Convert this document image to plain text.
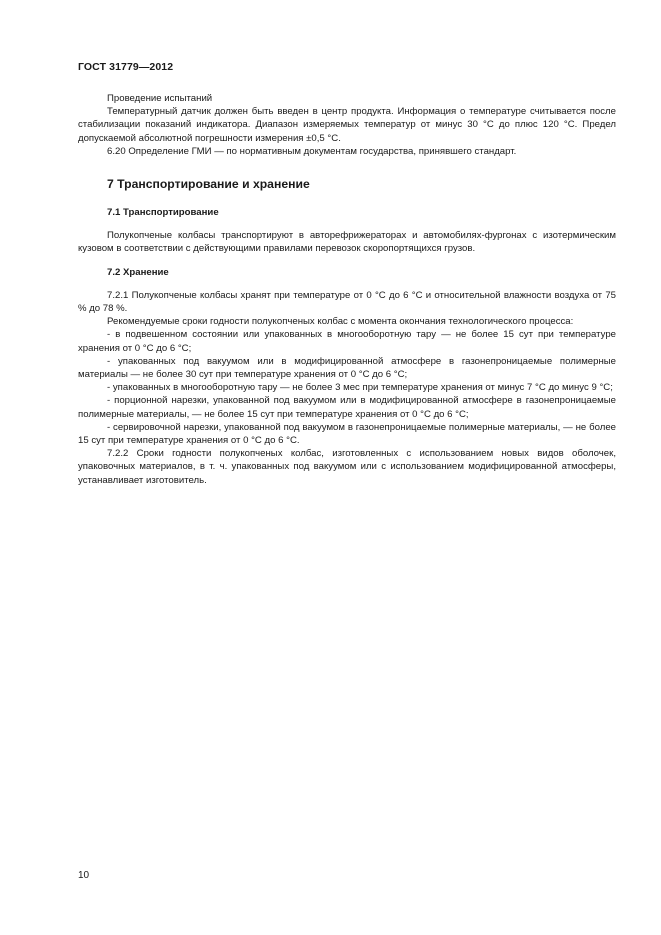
ГОСТ 31779—2012

Проведение испытаний

Температурный датчик должен быть введен в центр продукта. Информация о температуре считывается после стабилизации показаний индикатора. Диапазон измеряемых температур от минус 30 °С до плюс 120 °С. Предел допускаемой абсолютной погрешности измерения ±0,5 °С.

6.20 Определение ГМИ — по нормативным документам государства, принявшего стандарт.

7 Транспортирование и хранение
7.1 Транспортирование

Полукопченые колбасы транспортируют в авторефрижераторах и автомобилях-фургонах с изотермическим кузовом в соответствии с действующими правилами перевозок скоропортящихся грузов.

7.2 Хранение

7.2.1 Полукопченые колбасы хранят при температуре от 0 °С до 6 °С и относительной влажности воздуха от 75 % до 78 %.

Рекомендуемые сроки годности полукопченых колбас с момента окончания технологического процесса:

- в подвешенном состоянии или упакованных в многооборотную тару — не более 15 сут при температуре хранения от 0 °С до 6 °С;

- упакованных под вакуумом или в модифицированной атмосфере в газонепроницаемые полимерные материалы — не более 30 сут при температуре хранения от 0 °С до 6 °С;

- упакованных в многооборотную тару — не более 3 мес при температуре хранения от минус 7 °С до минус 9 °С;

- порционной нарезки, упакованной под вакуумом или в модифицированной атмосфере в газонепроницаемые полимерные материалы, — не более 15 сут при температуре хранения от 0 °С до 6 °С;

- сервировочной нарезки, упакованной под вакуумом в газонепроницаемые полимерные материалы, — не более 15 сут при температуре хранения от 0 °С до 6 °С.

7.2.2 Сроки годности полукопченых колбас, изготовленных с использованием новых видов оболочек, упаковочных материалов, в т. ч. упакованных под вакуумом или с использованием модифицированной атмосферы, устанавливает изготовитель.

10
